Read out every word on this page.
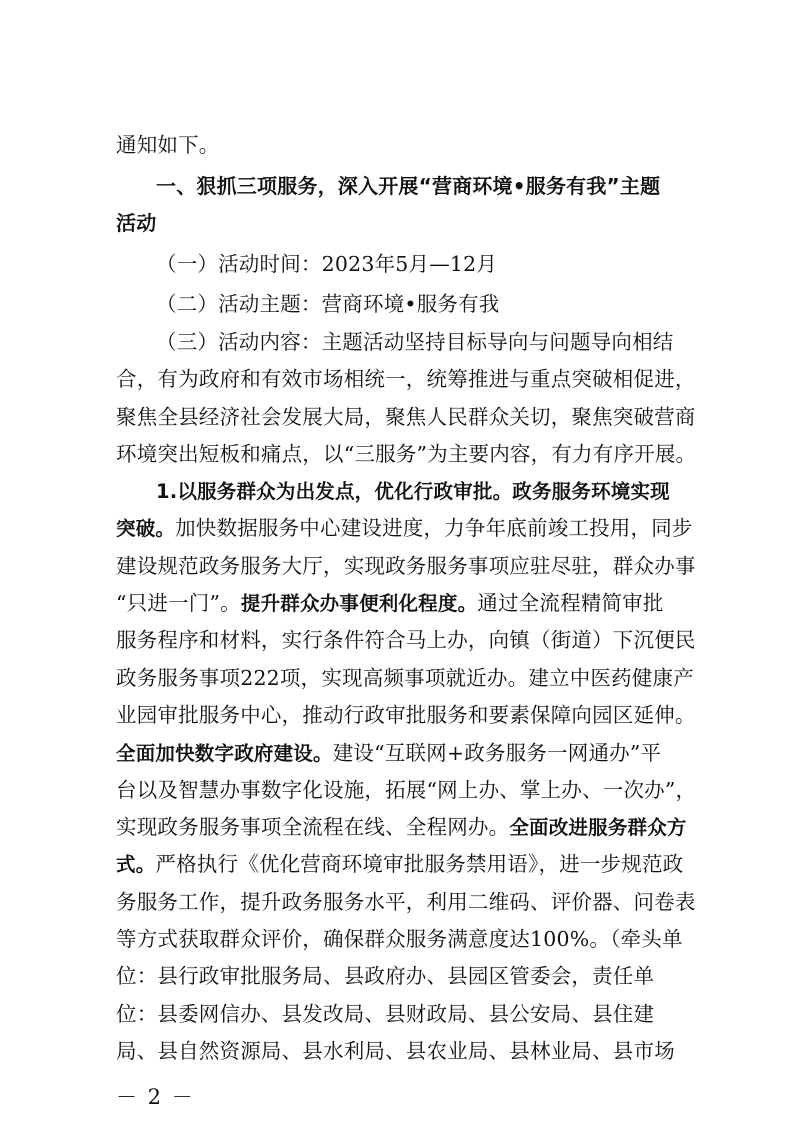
通知如下。
一、狠抓三项服务，深入开展“营商环境•服务有我”主题
活动
（一）活动时间：2023年5月—12月
（二）活动主题：营商环境•服务有我
（三）活动内容：主题活动坚持目标导向与问题导向相结
合，有为政府和有效市场相统一，统筹推进与重点突破相促进，
聚焦全县经济社会发展大局，聚焦人民群众关切，聚焦突破营商
环境突出短板和痛点，以“三服务”为主要内容，有力有序开展。
1.以服务群众为出发点，优化行政审批。政务服务环境实现
突破。加快数据服务中心建设进度，力争年底前竣工投用，同步
建设规范政务服务大厅，实现政务服务事项应驻尽驻，群众办事
“只进一门”。提升群众办事便利化程度。通过全流程精简审批
服务程序和材料，实行条件符合马上办，向镇（街道）下沉便民
政务服务事项222项，实现高频事项就近办。建立中医药健康产
业园审批服务中心，推动行政审批服务和要素保障向园区延伸。
全面加快数字政府建设。建设“互联网+政务服务一网通办”平
台以及智慧办事数字化设施，拓展“网上办、掌上办、一次办”，
实现政务服务事项全流程在线、全程网办。全面改进服务群众方
式。严格执行《优化营商环境审批服务禁用语》，进一步规范政
务服务工作，提升政务服务水平，利用二维码、评价器、问卷表
等方式获取群众评价，确保群众服务满意度达100%。（牵头单
位：县行政审批服务局、县政府办、县园区管委会，责任单
位：县委网信办、县发改局、县财政局、县公安局、县住建
局、县自然资源局、县水利局、县农业局、县林业局、县市场
－ 2 －
